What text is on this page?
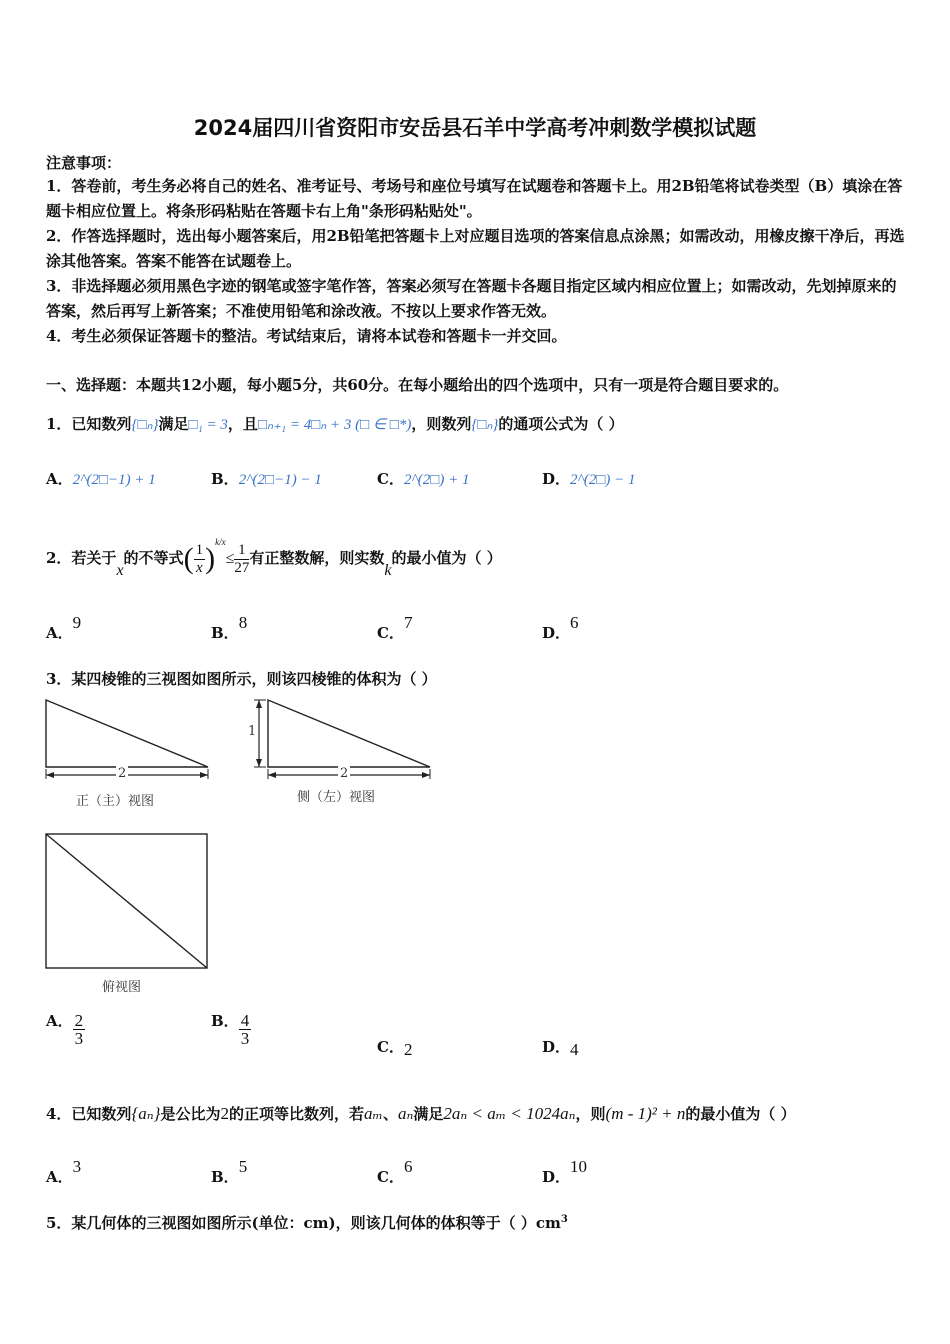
2024届四川省资阳市安岳县石羊中学高考冲刺数学模拟试题
注意事项：
1．答卷前，考生务必将自己的姓名、准考证号、考场号和座位号填写在试题卷和答题卡上。用2B铅笔将试卷类型（B）填涂在答题卡相应位置上。将条形码粘贴在答题卡右上角"条形码粘贴处"。
2．作答选择题时，选出每小题答案后，用2B铅笔把答题卡上对应题目选项的答案信息点涂黑；如需改动，用橡皮擦干净后，再选涂其他答案。答案不能答在试题卷上。
3．非选择题必须用黑色字迹的钢笔或签字笔作答，答案必须写在答题卡各题目指定区域内相应位置上；如需改动，先划掉原来的答案，然后再写上新答案；不准使用铅笔和涂改液。不按以上要求作答无效。
4．考生必须保证答题卡的整洁。考试结束后，请将本试卷和答题卡一并交回。
一、选择题：本题共12小题，每小题5分，共60分。在每小题给出的四个选项中，只有一项是符合题目要求的。
1．已知数列{□ₙ}满足□₁ = 3，且□ₙ₊₁ = 4□ₙ + 3 (□ ∈ □*)，则数列{□ₙ}的通项公式为（ ）
A．2^(2□−1) + 1	B．2^(2□−1) − 1	C．2^(2□) + 1	D．2^(2□) − 1
2．若关于x的不等式( $\frac{1}{x} )^{k/x}\le \frac{1}{27}$ 有正整数解，则实数k的最小值为（ ）
A．9
B．8
C．7
D．6
3．某四棱锥的三视图如图所示，则该四棱锥的体积为（ ）
2	2
1
正（主）视图	侧（左）视图
俯视图
A． $\frac{2}{3}$	B． $\frac{4}{3}$	C．2	D．4
4．已知数列{aₙ}是公比为2的正项等比数列，若aₘ、aₙ满足2aₙ < aₘ < 1024aₙ，则(m - 1)² + n的最小值为（ ）
A．3
B．5
C．6
D．10
5．某几何体的三视图如图所示(单位：cm)，则该几何体的体积等于（ ）$cm^3$
